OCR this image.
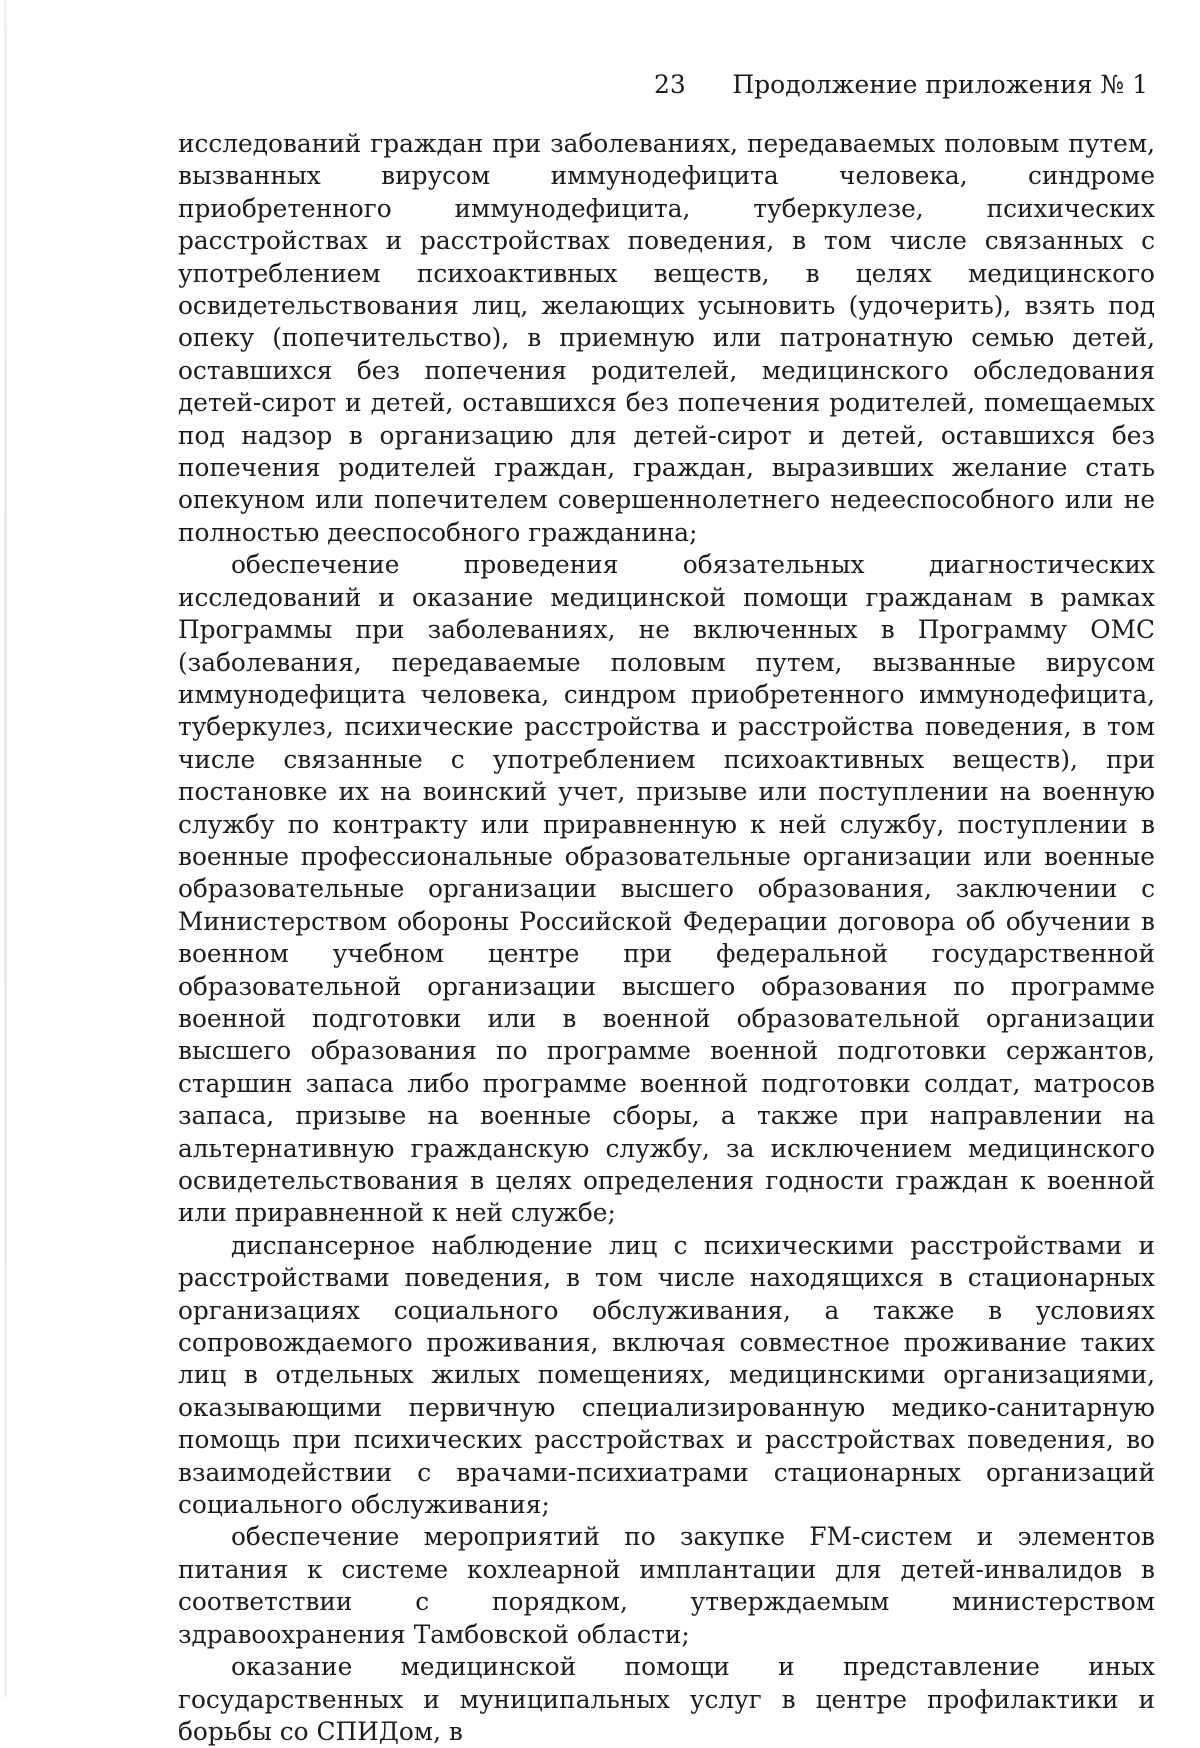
23 Продолжение приложения № 1

исследований граждан при заболеваниях, передаваемых половым путем, вызванных вирусом иммунодефицита человека, синдроме приобретенного иммунодефицита, туберкулезе, психических расстройствах и расстройствах поведения, в том числе связанных с употреблением психоактивных веществ, в целях медицинского освидетельствования лиц, желающих усыновить (удочерить), взять под опеку (попечительство), в приемную или патронатную семью детей, оставшихся без попечения родителей, медицинского обследования детей-сирот и детей, оставшихся без попечения родителей, помещаемых под надзор в организацию для детей-сирот и детей, оставшихся без попечения родителей граждан, граждан, выразивших желание стать опекуном или попечителем совершеннолетнего недееспособного или не полностью дееспособного гражданина;

обеспечение проведения обязательных диагностических исследований и оказание медицинской помощи гражданам в рамках Программы при заболеваниях, не включенных в Программу ОМС (заболевания, передаваемые половым путем, вызванные вирусом иммунодефицита человека, синдром приобретенного иммунодефицита, туберкулез, психические расстройства и расстройства поведения, в том числе связанные с употреблением психоактивных веществ), при постановке их на воинский учет, призыве или поступлении на военную службу по контракту или приравненную к ней службу, поступлении в военные профессиональные образовательные организации или военные образовательные организации высшего образования, заключении с Министерством обороны Российской Федерации договора об обучении в военном учебном центре при федеральной государственной образовательной организации высшего образования по программе военной подготовки или в военной образовательной организации высшего образования по программе военной подготовки сержантов, старшин запаса либо программе военной подготовки солдат, матросов запаса, призыве на военные сборы, а также при направлении на альтернативную гражданскую службу, за исключением медицинского освидетельствования в целях определения годности граждан к военной или приравненной к ней службе;

диспансерное наблюдение лиц с психическими расстройствами и расстройствами поведения, в том числе находящихся в стационарных организациях социального обслуживания, а также в условиях сопровождаемого проживания, включая совместное проживание таких лиц в отдельных жилых помещениях, медицинскими организациями, оказывающими первичную специализированную медико-санитарную помощь при психических расстройствах и расстройствах поведения, во взаимодействии с врачами-психиатрами стационарных организаций социального обслуживания;

обеспечение мероприятий по закупке FM-систем и элементов питания к системе кохлеарной имплантации для детей-инвалидов в соответствии с порядком, утверждаемым министерством здравоохранения Тамбовской области;

оказание медицинской помощи и представление иных государственных и муниципальных услуг в центре профилактики и борьбы со СПИДом, в
